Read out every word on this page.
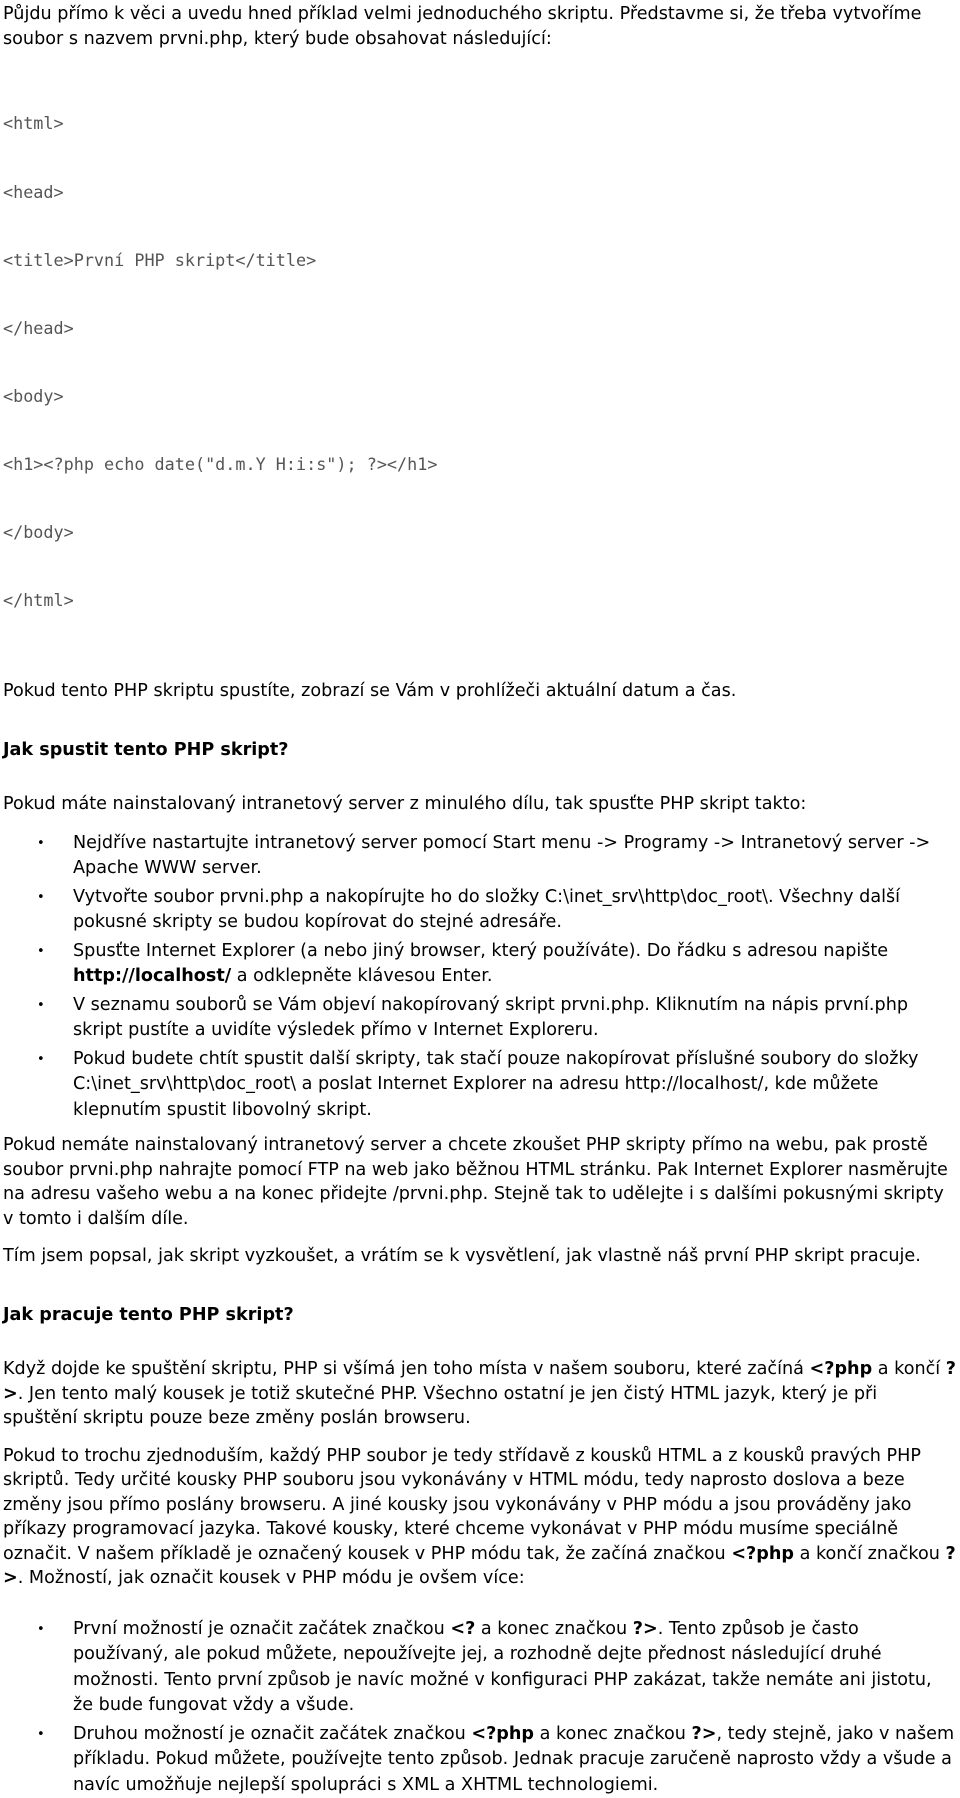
Půjdu přímo k věci a uvedu hned příklad velmi jednoduchého skriptu. Představme si, že třeba vytvoříme soubor s nazvem prvni.php, který bude obsahovat následující:

<html>

<head>

<title>První PHP skript</title>

</head>

<body>

<h1><?php echo date("d.m.Y H:i:s"); ?></h1>

</body>

</html>

Pokud tento PHP skriptu spustíte, zobrazí se Vám v prohlížeči aktuální datum a čas.

Jak spustit tento PHP skript?

Pokud máte nainstalovaný intranetový server z minulého dílu, tak spusťte PHP skript takto:

• Nejdříve nastartujte intranetový server pomocí Start menu -> Programy -> Intranetový server -> Apache WWW server.
• Vytvořte soubor prvni.php a nakopírujte ho do složky C:\inet_srv\http\doc_root\. Všechny další pokusné skripty se budou kopírovat do stejné adresáře.
• Spusťte Internet Explorer (a nebo jiný browser, který používáte). Do řádku s adresou napište http://localhost/ a odklepněte klávesou Enter.
• V seznamu souborů se Vám objeví nakopírovaný skript prvni.php. Kliknutím na nápis první.php skript pustíte a uvidíte výsledek přímo v Internet Exploreru.
• Pokud budete chtít spustit další skripty, tak stačí pouze nakopírovat příslušné soubory do složky C:\inet_srv\http\doc_root\ a poslat Internet Explorer na adresu http://localhost/, kde můžete klepnutím spustit libovolný skript.

Pokud nemáte nainstalovaný intranetový server a chcete zkoušet PHP skripty přímo na webu, pak prostě soubor prvni.php nahrajte pomocí FTP na web jako běžnou HTML stránku. Pak Internet Explorer nasměrujte na adresu vašeho webu a na konec přidejte /prvni.php. Stejně tak to udělejte i s dalšími pokusnými skripty v tomto i dalším díle.

Tím jsem popsal, jak skript vyzkoušet, a vrátím se k vysvětlení, jak vlastně náš první PHP skript pracuje.

Jak pracuje tento PHP skript?

Když dojde ke spuštění skriptu, PHP si všímá jen toho místa v našem souboru, které začíná <?php a končí ?>. Jen tento malý kousek je totiž skutečné PHP. Všechno ostatní je jen čistý HTML jazyk, který je při spuštění skriptu pouze beze změny poslán browseru.

Pokud to trochu zjednoduším, každý PHP soubor je tedy střídavě z kousků HTML a z kousků pravých PHP skriptů. Tedy určité kousky PHP souboru jsou vykonávány v HTML módu, tedy naprosto doslova a beze změny jsou přímo poslány browseru. A jiné kousky jsou vykonávány v PHP módu a jsou prováděny jako příkazy programovací jazyka. Takové kousky, které chceme vykonávat v PHP módu musíme speciálně označit. V našem příkladě je označený kousek v PHP módu tak, že začíná značkou <?php a končí značkou ?>. Možností, jak označit kousek v PHP módu je ovšem více:

• První možností je označit začátek značkou <? a konec značkou ?>. Tento způsob je často používaný, ale pokud můžete, nepoužívejte jej, a rozhodně dejte přednost následující druhé možnosti. Tento první způsob je navíc možné v konfiguraci PHP zakázat, takže nemáte ani jistotu, že bude fungovat vždy a všude.
• Druhou možností je označit začátek značkou <?php a konec značkou ?>, tedy stejně, jako v našem příkladu. Pokud můžete, používejte tento způsob. Jednak pracuje zaručeně naprosto vždy a všude a navíc umožňuje nejlepší spolupráci s XML a XHTML technologiemi.
